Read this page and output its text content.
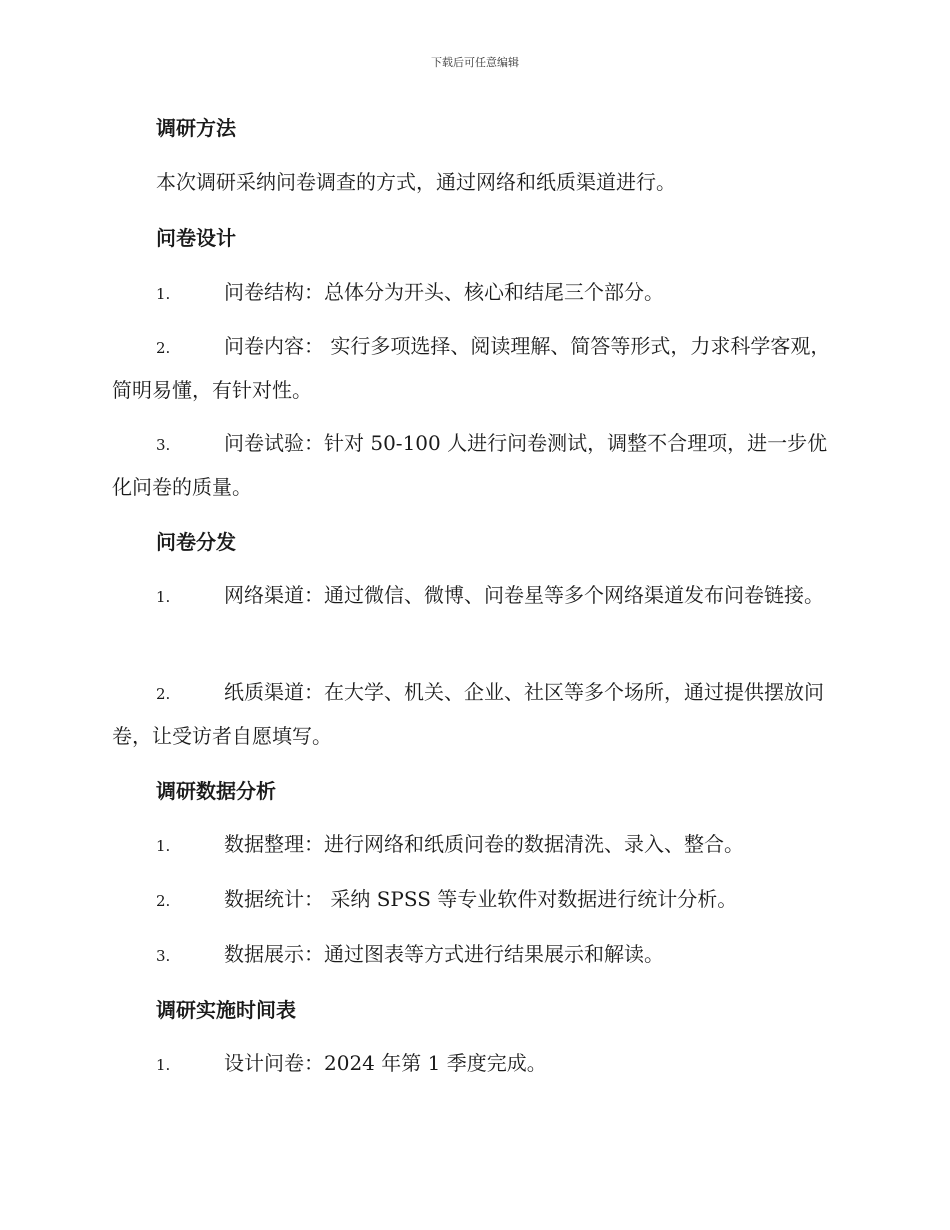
下载后可任意编辑
调研方法
本次调研采纳问卷调查的方式，通过网络和纸质渠道进行。
问卷设计
1.	问卷结构：总体分为开头、核心和结尾三个部分。
2.	问卷内容： 实行多项选择、阅读理解、简答等形式，力求科学客观，简明易懂，有针对性。
3.	问卷试验：针对 50-100 人进行问卷测试，调整不合理项，进一步优化问卷的质量。
问卷分发
1.	网络渠道：通过微信、微博、问卷星等多个网络渠道发布问卷链接。
2.	纸质渠道：在大学、机关、企业、社区等多个场所，通过提供摆放问卷，让受访者自愿填写。
调研数据分析
1.	数据整理：进行网络和纸质问卷的数据清洗、录入、整合。
2.	数据统计： 采纳 SPSS 等专业软件对数据进行统计分析。
3.	数据展示：通过图表等方式进行结果展示和解读。
调研实施时间表
1.	设计问卷：2024 年第 1 季度完成。
